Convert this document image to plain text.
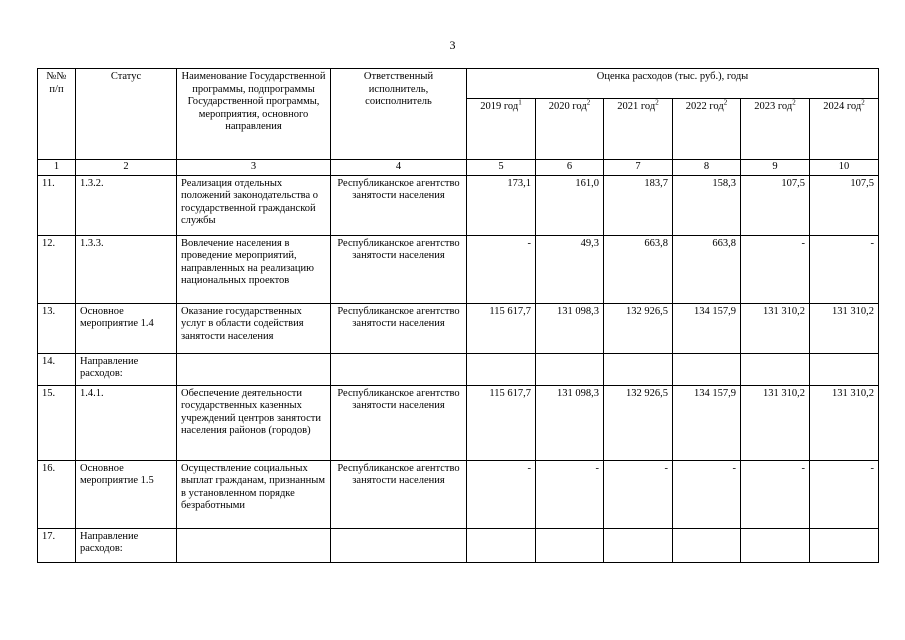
3
№№ п/п	Статус	Наименование Государственной программы, подпрограммы Государственной программы, мероприятия, основного направления	Ответственный исполнитель, соисполнитель	Оценка расходов (тыс. руб.), годы					
				2019 год$^1$	2020 год$^2$	2021 год$^2$	2022 год$^2$	2023 год$^2$	2024 год$^2$
1	2	3	4	5	6	7	8	9	10
11.	1.3.2.	Реализация отдельных положений законодательства о государственной гражданской службы	Республиканское агентство занятости населения	173,1	161,0	183,7	158,3	107,5	107,5
12.	1.3.3.	Вовлечение населения в проведение мероприятий, направленных на реализацию национальных проектов	Республиканское агентство занятости населения	-	49,3	663,8	663,8	-	-
13.	Основное мероприятие 1.4	Оказание государственных услуг в области содействия занятости населения	Республиканское агентство занятости населения	115 617,7	131 098,3	132 926,5	134 157,9	131 310,2	131 310,2
14.	Направление расходов:								
15.	1.4.1.	Обеспечение деятельности государственных казенных учреждений центров занятости населения районов (городов)	Республиканское агентство занятости населения	115 617,7	131 098,3	132 926,5	134 157,9	131 310,2	131 310,2
16.	Основное мероприятие 1.5	Осуществление социальных выплат гражданам, признанным в установленном порядке безработными	Республиканское агентство занятости населения	-	-	-	-	-	-
17.	Направление расходов:								
